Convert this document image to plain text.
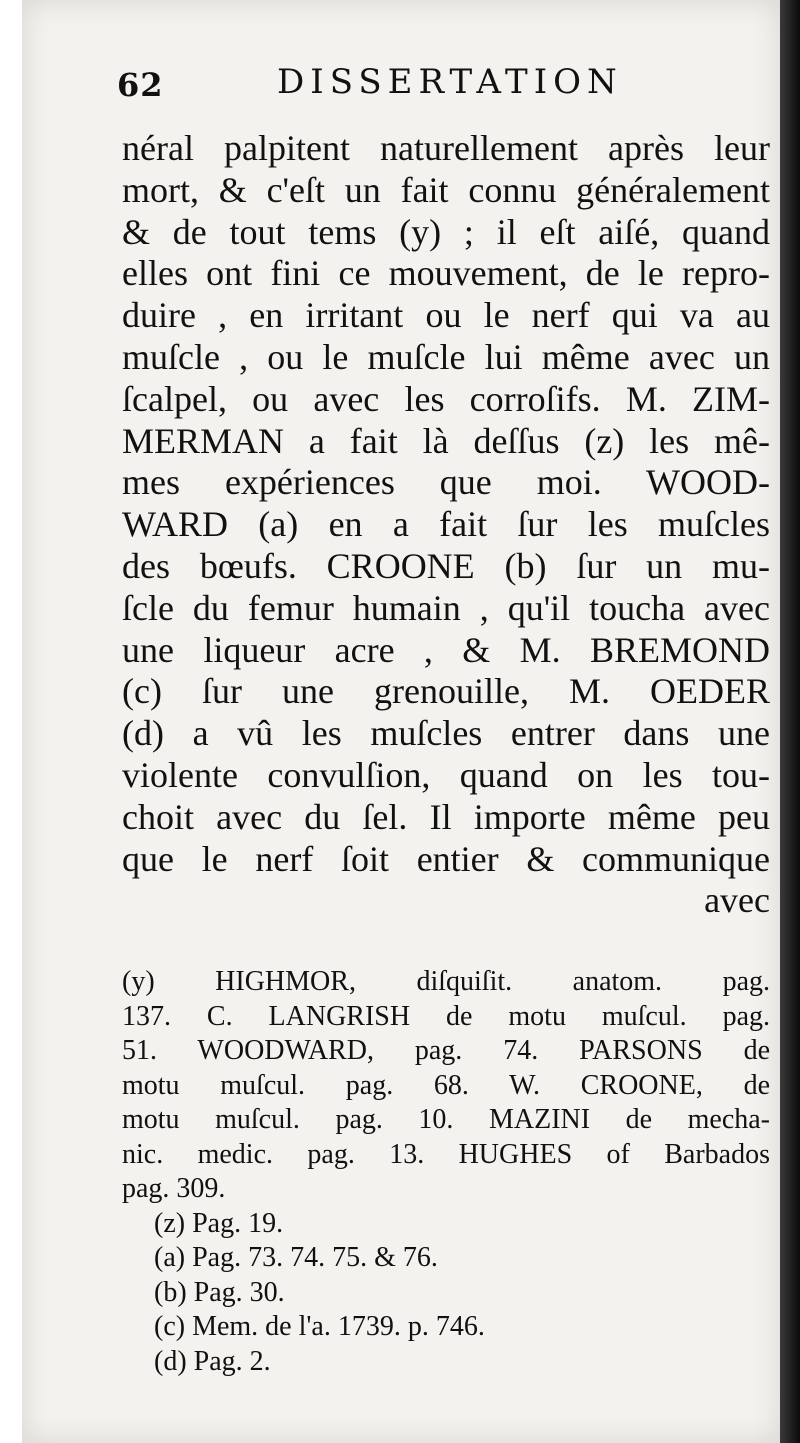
62	DISSERTATION
néral palpitent naturellement après leur
mort, & c'eſt un fait connu généralement
& de tout tems (y) ; il eſt aiſé, quand
elles ont fini ce mouvement, de le repro-
duire , en irritant ou le nerf qui va au
muſcle , ou le muſcle lui même avec un
ſcalpel, ou avec les corroſifs. M. ZIM-
MERMAN a fait là deſſus (z) les mê-
mes expériences que moi. WOOD-
WARD (a) en a fait ſur les muſcles
des bœufs. CROONE (b) ſur un mu-
ſcle du femur humain , qu'il toucha avec
une liqueur acre , & M. BREMOND
(c) ſur une grenouille, M. OEDER
(d) a vû les muſcles entrer dans une
violente convulſion, quand on les tou-
choit avec du ſel. Il importe même peu
que le nerf ſoit entier & communique
avec
(y) HIGHMOR, diſquiſit. anatom. pag.
137. C. LANGRISH de motu muſcul. pag.
51. WOODWARD, pag. 74. PARSONS de
motu muſcul. pag. 68. W. CROONE, de
motu muſcul. pag. 10. MAZINI de mecha-
nic. medic. pag. 13. HUGHES of Barbados
pag. 309.
(z) Pag. 19.
(a) Pag. 73. 74. 75. & 76.
(b) Pag. 30.
(c) Mem. de l'a. 1739. p. 746.
(d) Pag. 2.
